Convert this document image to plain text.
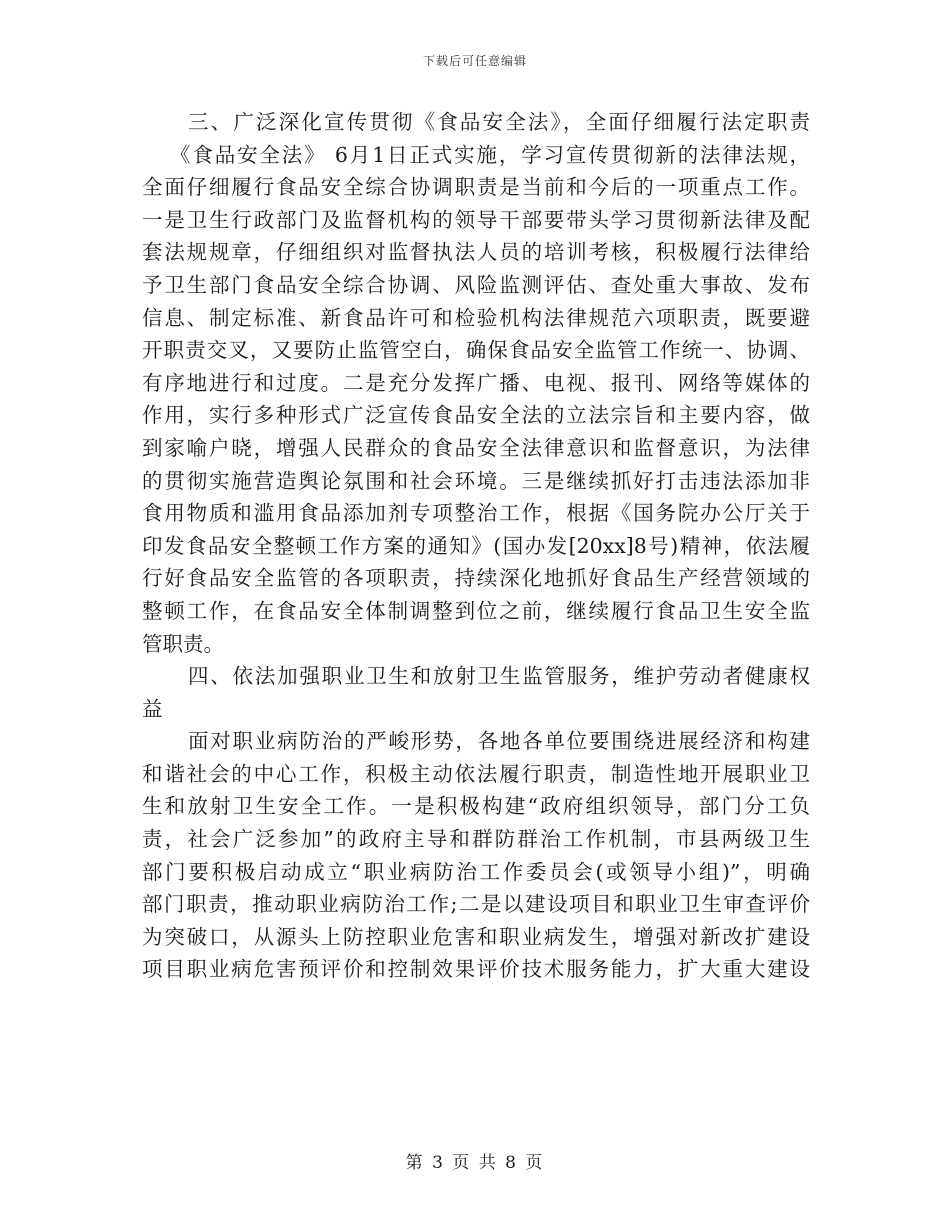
下载后可任意编辑
三、广泛深化宣传贯彻《食品安全法》，全面仔细履行法定职责
《食品安全法》 6月1日正式实施，学习宣传贯彻新的法律法规，
全面仔细履行食品安全综合协调职责是当前和今后的一项重点工作。
一是卫生行政部门及监督机构的领导干部要带头学习贯彻新法律及配
套法规规章，仔细组织对监督执法人员的培训考核，积极履行法律给
予卫生部门食品安全综合协调、风险监测评估、查处重大事故、发布
信息、制定标准、新食品许可和检验机构法律规范六项职责，既要避
开职责交叉，又要防止监管空白，确保食品安全监管工作统一、协调、
有序地进行和过度。二是充分发挥广播、电视、报刊、网络等媒体的
作用，实行多种形式广泛宣传食品安全法的立法宗旨和主要内容，做
到家喻户晓，增强人民群众的食品安全法律意识和监督意识，为法律
的贯彻实施营造舆论氛围和社会环境。三是继续抓好打击违法添加非
食用物质和滥用食品添加剂专项整治工作，根据《国务院办公厅关于
印发食品安全整顿工作方案的通知》(国办发[20xx]8号)精神，依法履
行好食品安全监管的各项职责，持续深化地抓好食品生产经营领域的
整顿工作，在食品安全体制调整到位之前，继续履行食品卫生安全监
管职责。
四、依法加强职业卫生和放射卫生监管服务，维护劳动者健康权
益
面对职业病防治的严峻形势，各地各单位要围绕进展经济和构建
和谐社会的中心工作，积极主动依法履行职责，制造性地开展职业卫
生和放射卫生安全工作。一是积极构建“政府组织领导，部门分工负
责，社会广泛参加”的政府主导和群防群治工作机制，市县两级卫生
部门要积极启动成立“职业病防治工作委员会(或领导小组)”，明确
部门职责，推动职业病防治工作;二是以建设项目和职业卫生审查评价
为突破口，从源头上防控职业危害和职业病发生，增强对新改扩建设
项目职业病危害预评价和控制效果评价技术服务能力，扩大重大建设
第 3 页 共 8 页
